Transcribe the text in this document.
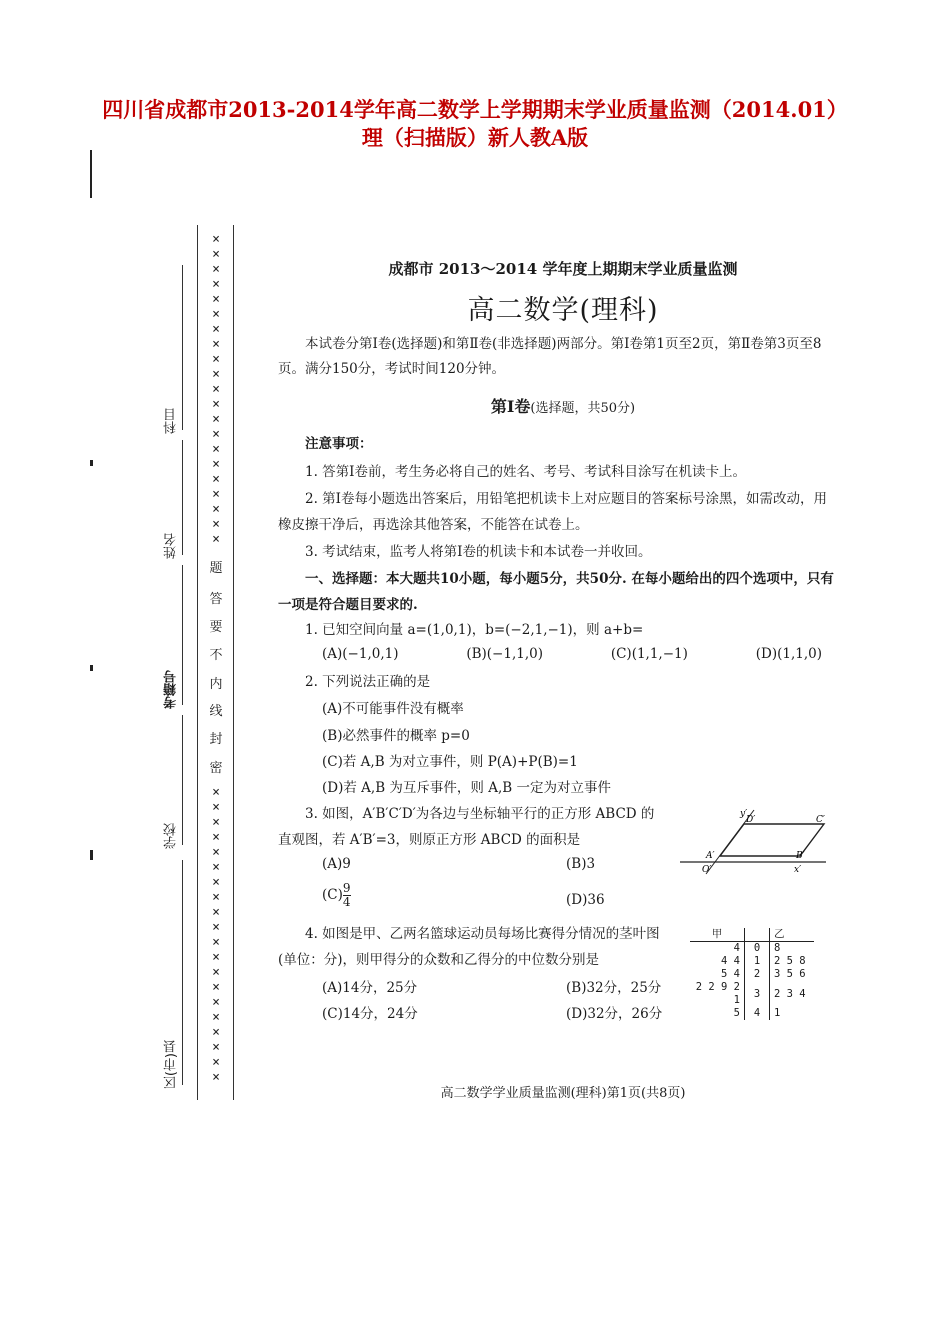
四川省成都市2013-2014学年高二数学上学期期末学业质量监测（2014.01）
理（扫描版）新人教A版
科目
姓名
考籍号
学校
区(市)县
×
×
×
×
×
×
×
×
×
×
×
×
×
×
×
×
×
×
×
×
×
题
答
要
不
内
线
封
密
×
×
×
×
×
×
×
×
×
×
×
×
×
×
×
×
×
×
×
×
成都市 2013～2014 学年度上期期末学业质量监测
高二数学(理科)
本试卷分第Ⅰ卷(选择题)和第Ⅱ卷(非选择题)两部分。第Ⅰ卷第1页至2页，第Ⅱ卷第3页至8页。满分150分，考试时间120分钟。
第Ⅰ卷(选择题，共50分)
注意事项：
1. 答第Ⅰ卷前，考生务必将自己的姓名、考号、考试科目涂写在机读卡上。
2. 第Ⅰ卷每小题选出答案后，用铅笔把机读卡上对应题目的答案标号涂黑，如需改动，用橡皮擦干净后，再选涂其他答案，不能答在试卷上。
3. 考试结束，监考人将第Ⅰ卷的机读卡和本试卷一并收回。
一、选择题：本大题共10小题，每小题5分，共50分. 在每小题给出的四个选项中，只有一项是符合题目要求的.
1. 已知空间向量 a=(1,0,1)，b=(−2,1,−1)，则 a+b=
(A)(−1,0,1)	(B)(−1,1,0)	(C)(1,1,−1)	(D)(1,1,0)
2. 下列说法正确的是
(A)不可能事件没有概率
(B)必然事件的概率 p=0
(C)若 A,B 为对立事件，则 P(A)+P(B)=1
(D)若 A,B 为互斥事件，则 A,B 一定为对立事件
3. 如图，A′B′C′D′为各边与坐标轴平行的正方形 ABCD 的
直观图，若 A′B′=3，则原正方形 ABCD 的面积是
(A)9	(B)3
$(C) \frac{9}{4}$	(D)36
y′
D′	C′
A′	B′
O′	x′
4. 如图是甲、乙两名篮球运动员每场比赛得分情况的茎叶图
(单位：分)，则甲得分的众数和乙得分的中位数分别是
(A)14分，25分	(B)32分，25分
(C)14分，24分	(D)32分，26分
甲		乙
4	0	8
4 4	1	2 5 8
5 4	2	3 5 6
2 2 9 2 1	3	2 3 4
5	4	1
高二数学学业质量监测(理科)第1页(共8页)
